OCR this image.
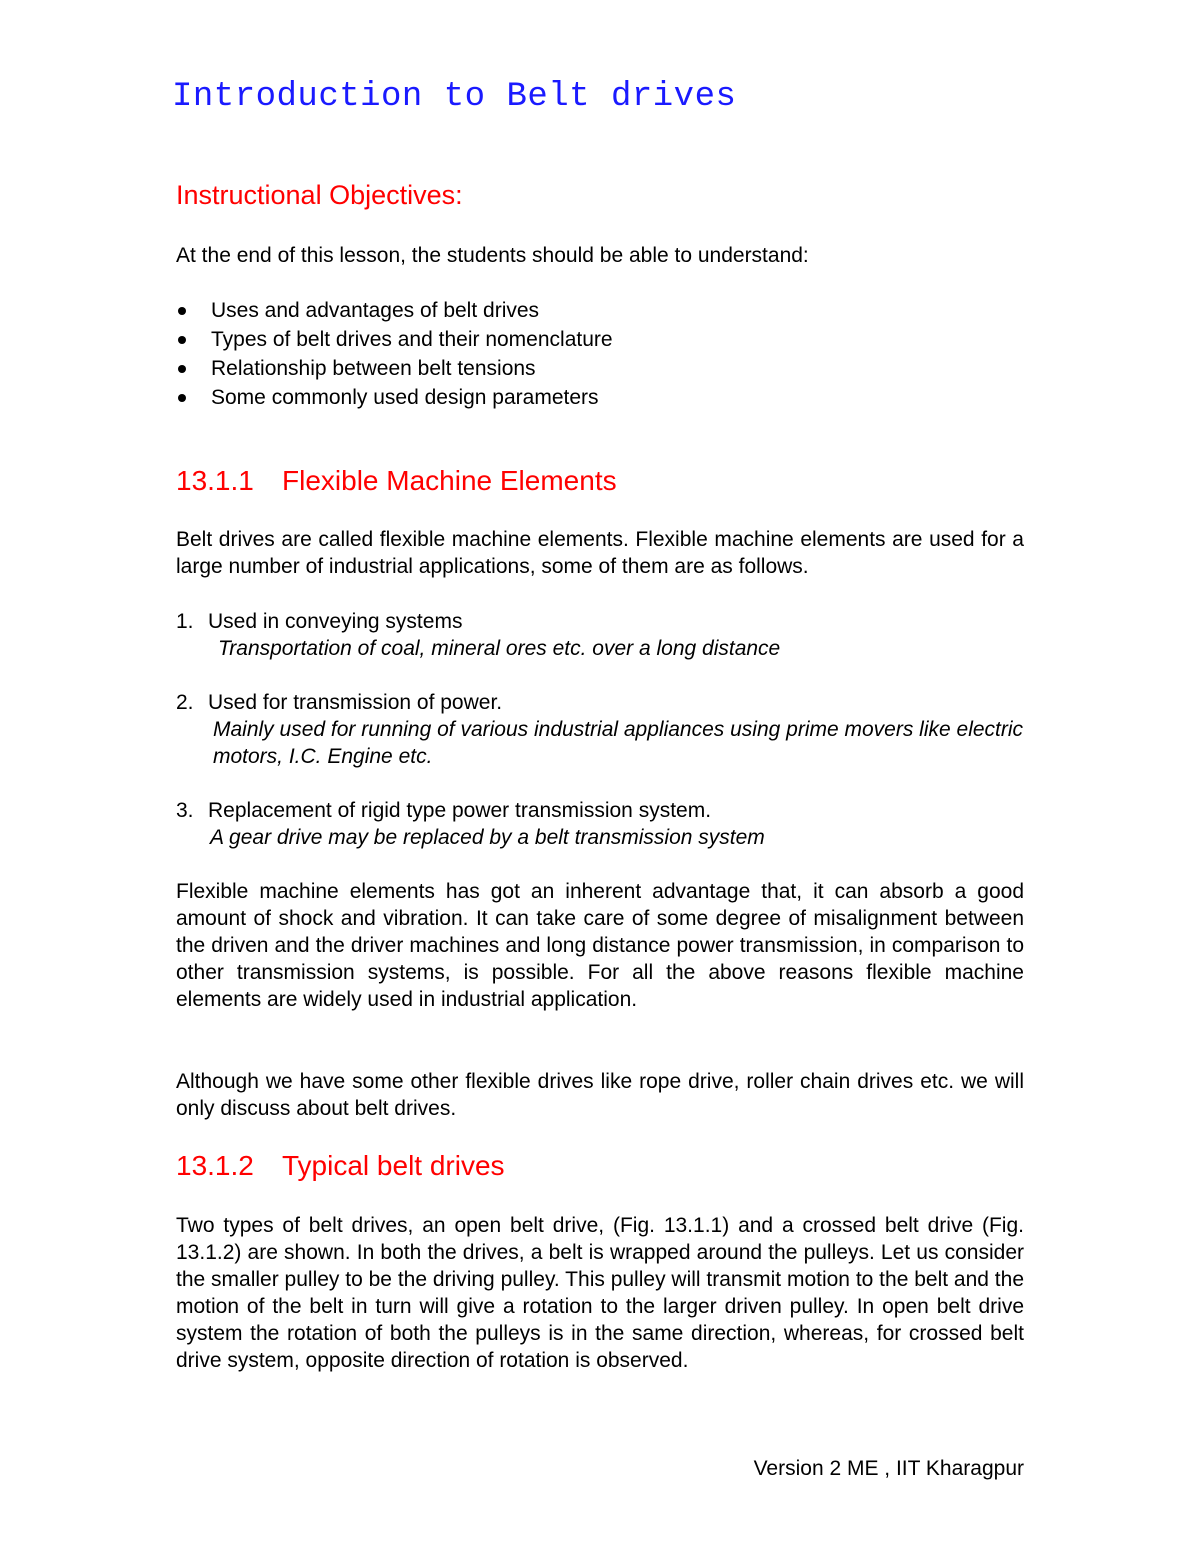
Introduction to Belt drives
Instructional Objectives:

At the end of this lesson, the students should be able to understand:

Uses and advantages of belt drives
Types of belt drives and their nomenclature
Relationship between belt tensions
Some commonly used design parameters
13.1.1 Flexible Machine Elements

Belt drives are called flexible machine elements. Flexible machine elements are used for a large number of industrial applications, some of them are as follows.

1. Used in conveying systems
Transportation of coal, mineral ores etc. over a long distance
2. Used for transmission of power.
Mainly used for running of various industrial appliances using prime movers like electric motors, I.C. Engine etc.
3. Replacement of rigid type power transmission system.
A gear drive may be replaced by a belt transmission system

Flexible machine elements has got an inherent advantage that, it can absorb a good amount of shock and vibration. It can take care of some degree of misalignment between the driven and the driver machines and long distance power transmission, in comparison to other transmission systems, is possible. For all the above reasons flexible machine elements are widely used in industrial application.

Although we have some other flexible drives like rope drive, roller chain drives etc. we will only discuss about belt drives.

13.1.2 Typical belt drives

Two types of belt drives, an open belt drive, (Fig. 13.1.1) and a crossed belt drive (Fig. 13.1.2) are shown. In both the drives, a belt is wrapped around the pulleys. Let us consider the smaller pulley to be the driving pulley. This pulley will transmit motion to the belt and the motion of the belt in turn will give a rotation to the larger driven pulley. In open belt drive system the rotation of both the pulleys is in the same direction, whereas, for crossed belt drive system, opposite direction of rotation is observed.

Version 2 ME , IIT Kharagpur
